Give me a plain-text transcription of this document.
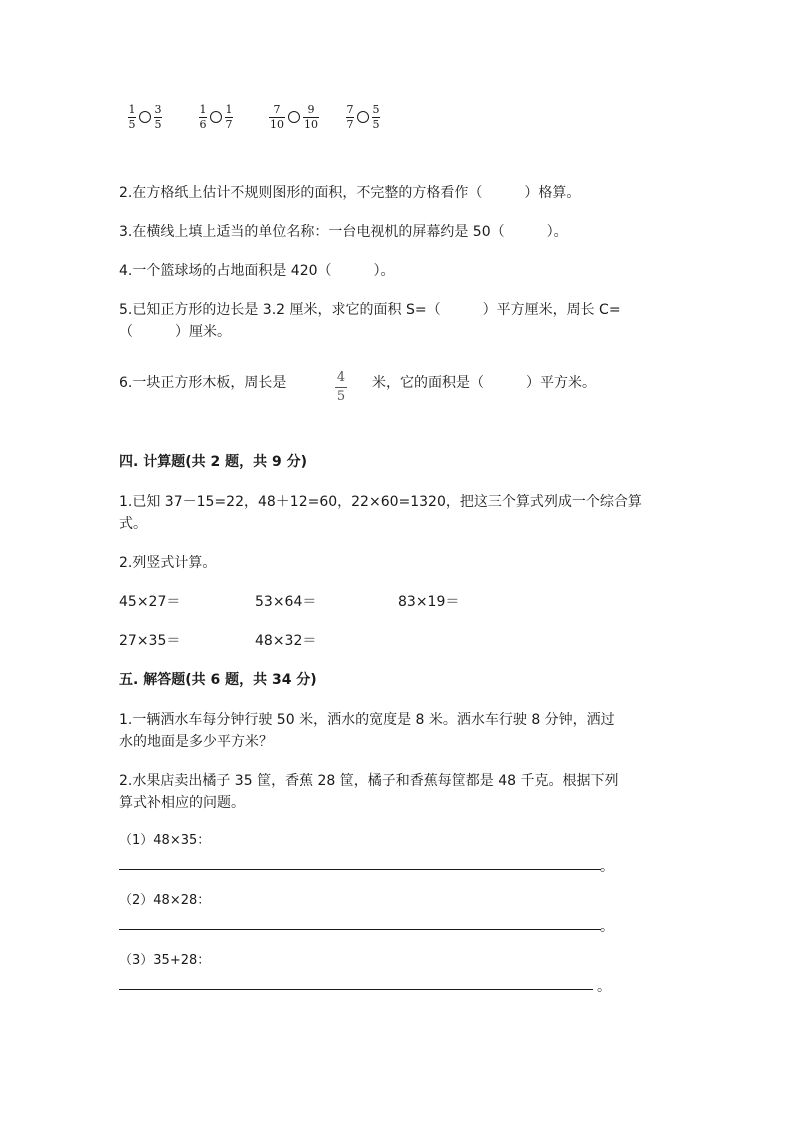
1
5
3
5
1
6
1
7
7
10
9
10
7
7
5
5
2.在方格纸上估计不规则图形的面积，不完整的方格看作（　　　）格算。
3.在横线上填上适当的单位名称：一台电视机的屏幕约是 50（　　　）。
4.一个篮球场的占地面积是 420（　　　）。
5.已知正方形的边长是 3.2 厘米，求它的面积 S=（　　　）平方厘米，周长 C=
（　　　）厘米。
6.一块正方形木板，周长是	4
5
米，它的面积是（　　　）平方米。
四. 计算题(共 2 题，共 9 分)
1.已知 37－15=22，48＋12=60，22×60=1320，把这三个算式列成一个综合算
式。
2.列竖式计算。
45×27＝	53×64＝	83×19＝
27×35＝	48×32＝
五. 解答题(共 6 题，共 34 分)
1.一辆洒水车每分钟行驶 50 米，洒水的宽度是 8 米。洒水车行驶 8 分钟，洒过
水的地面是多少平方米？
2.水果店卖出橘子 35 筐，香蕉 28 筐，橘子和香蕉每筐都是 48 千克。根据下列
算式补相应的问题。
（1）48×35：
。
（2）48×28：
。
（3）35+28：
。
